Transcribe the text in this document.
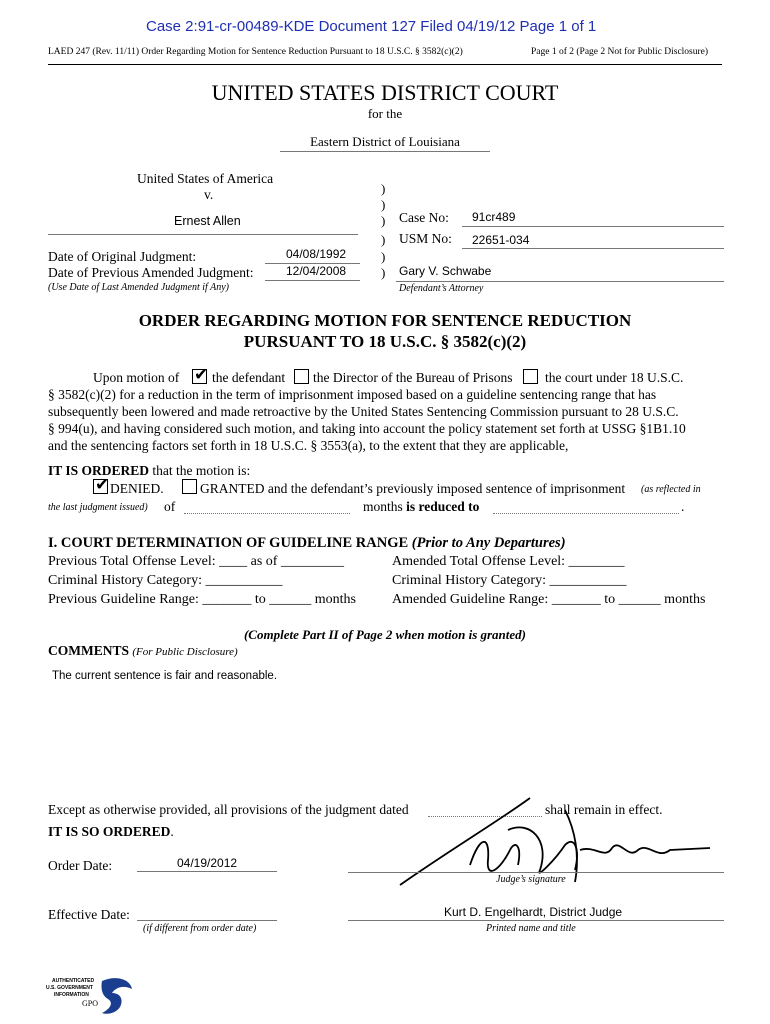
Case 2:91-cr-00489-KDE Document 127 Filed 04/19/12 Page 1 of 1
LAED 247 (Rev. 11/11) Order Regarding Motion for Sentence Reduction Pursuant to 18 U.S.C. § 3582(c)(2)	Page 1 of 2 (Page 2 Not for Public Disclosure)
UNITED STATES DISTRICT COURT
for the
Eastern District of Louisiana
United States of America
v.
Ernest Allen
Date of Original Judgment:	04/08/1992
Date of Previous Amended Judgment:	12/04/2008
(Use Date of Last Amended Judgment if Any)
)
)
)
)
)
)
Case No: 91cr489
USM No: 22651-034
Gary V. Schwabe
Defendant’s Attorney
ORDER REGARDING MOTION FOR SENTENCE REDUCTION
PURSUANT TO 18 U.S.C. § 3582(c)(2)
Upon motion of ✔ the defendant the Director of the Bureau of Prisons the court under 18 U.S.C.
§ 3582(c)(2) for a reduction in the term of imprisonment imposed based on a guideline sentencing range that has
subsequently been lowered and made retroactive by the United States Sentencing Commission pursuant to 28 U.S.C.
§ 994(u), and having considered such motion, and taking into account the policy statement set forth at USSG §1B1.10
and the sentencing factors set forth in 18 U.S.C. § 3553(a), to the extent that they are applicable,
IT IS ORDERED that the motion is:
✔ DENIED.	GRANTED and the defendant’s previously imposed sentence of imprisonment (as reflected in
the last judgment issued) of	months is reduced to	.
I. COURT DETERMINATION OF GUIDELINE RANGE (Prior to Any Departures)
Previous Total Offense Level: ____ as of _________	Amended Total Offense Level: ________
Criminal History Category: ___________	Criminal History Category: ___________
Previous Guideline Range: _______ to ______ months	Amended Guideline Range: _______ to ______ months
(Complete Part II of Page 2 when motion is granted)
COMMENTS (For Public Disclosure)
The current sentence is fair and reasonable.
Except as otherwise provided, all provisions of the judgment dated	shall remain in effect.
IT IS SO ORDERED.
Order Date:	04/19/2012
Judge’s signature
Effective Date:
(if different from order date)
Kurt D. Engelhardt, District Judge
Printed name and title
AUTHENTICATED
U.S. GOVERNMENT
INFORMATION
GPO
